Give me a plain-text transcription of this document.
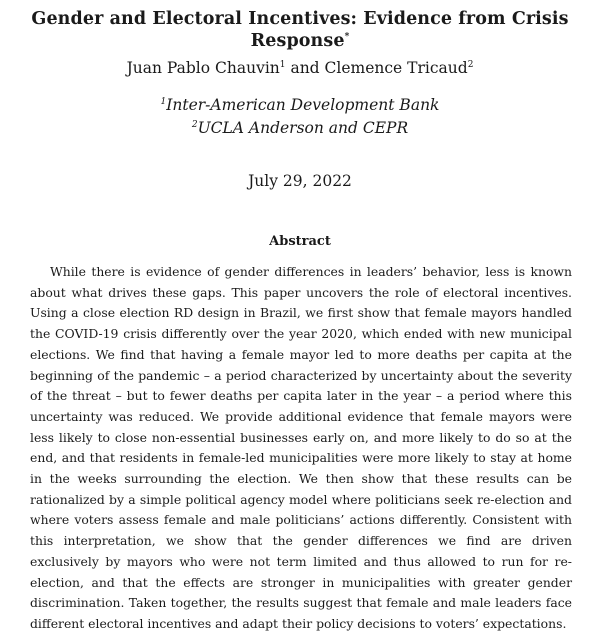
Gender and Electoral Incentives: Evidence from Crisis Response*
Juan Pablo Chauvin$^1$ and Clemence Tricaud$^2$
$^1$Inter-American Development Bank
$^2$UCLA Anderson and CEPR
July 29, 2022
Abstract
While there is evidence of gender differences in leaders’ behavior, less is known about what drives these gaps. This paper uncovers the role of electoral incentives. Using a close election RD design in Brazil, we first show that female mayors handled the COVID-19 crisis differently over the year 2020, which ended with new municipal elections. We find that having a female mayor led to more deaths per capita at the beginning of the pandemic – a period characterized by uncertainty about the severity of the threat – but to fewer deaths per capita later in the year – a period where this uncertainty was reduced. We provide additional evidence that female mayors were less likely to close non-essential businesses early on, and more likely to do so at the end, and that residents in female-led municipalities were more likely to stay at home in the weeks surrounding the election. We then show that these results can be rationalized by a simple political agency model where politicians seek re-election and where voters assess female and male politicians’ actions differently. Consistent with this interpretation, we show that the gender differences we find are driven exclusively by mayors who were not term limited and thus allowed to run for re-election, and that the effects are stronger in municipalities with greater gender discrimination. Taken together, the results suggest that female and male leaders face different electoral incentives and adapt their policy decisions to voters’ expectations.
